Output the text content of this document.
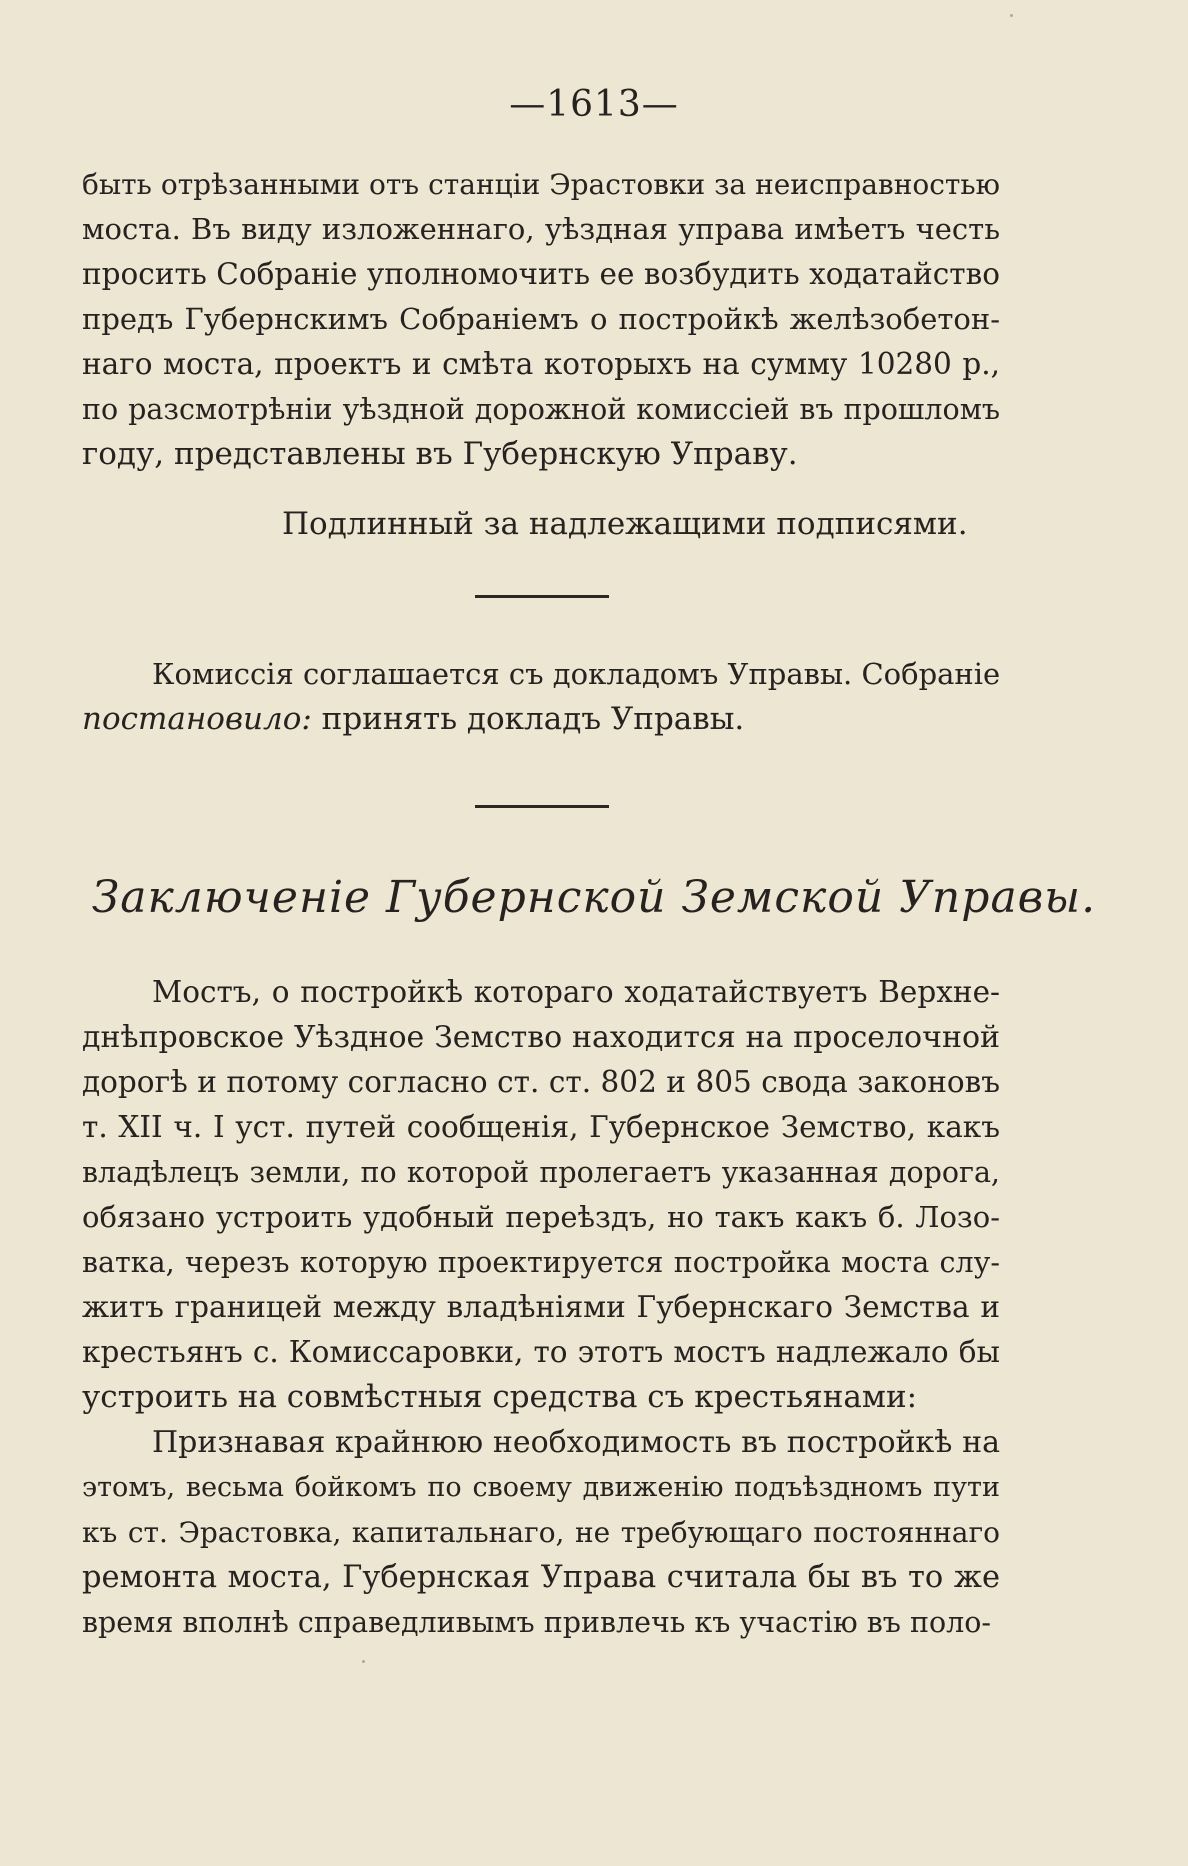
—1613—
быть отрѣзанными отъ станціи Эрастовки за неисправностью
моста. Въ виду изложеннаго, уѣздная управа имѣетъ честь
просить Собраніе уполномочить ее возбудить ходатайство
предъ Губернскимъ Собраніемъ о постройкѣ желѣзобетон-
наго моста, проектъ и смѣта которыхъ на сумму 10280 р.,
по разсмотрѣніи уѣздной дорожной комиссіей въ прошломъ
году, представлены въ Губернскую Управу.
Подлинный за надлежащими подписями.
Комиссія соглашается съ докладомъ Управы. Собраніе
постановило: принять докладъ Управы.
Заключеніе Губернской Земской Управы.
Мостъ, о постройкѣ котораго ходатайствуетъ Верхне-
днѣпровское Уѣздное Земство находится на проселочной
дорогѣ и потому согласно ст. ст. 802 и 805 свода законовъ
т. XII ч. I уст. путей сообщенія, Губернское Земство, какъ
владѣлецъ земли, по которой пролегаетъ указанная дорога,
обязано устроить удобный переѣздъ, но такъ какъ б. Лозо-
ватка, черезъ которую проектируется постройка моста слу-
житъ границей между владѣніями Губернскаго Земства и
крестьянъ с. Комиссаровки, то этотъ мостъ надлежало бы
устроить на совмѣстныя средства съ крестьянами:
Признавая крайнюю необходимость въ постройкѣ на
этомъ, весьма бойкомъ по своему движенію подъѣздномъ пути
къ ст. Эрастовка, капитальнаго, не требующаго постояннаго
ремонта моста, Губернская Управа считала бы въ то же
время вполнѣ справедливымъ привлечь къ участію въ поло-
